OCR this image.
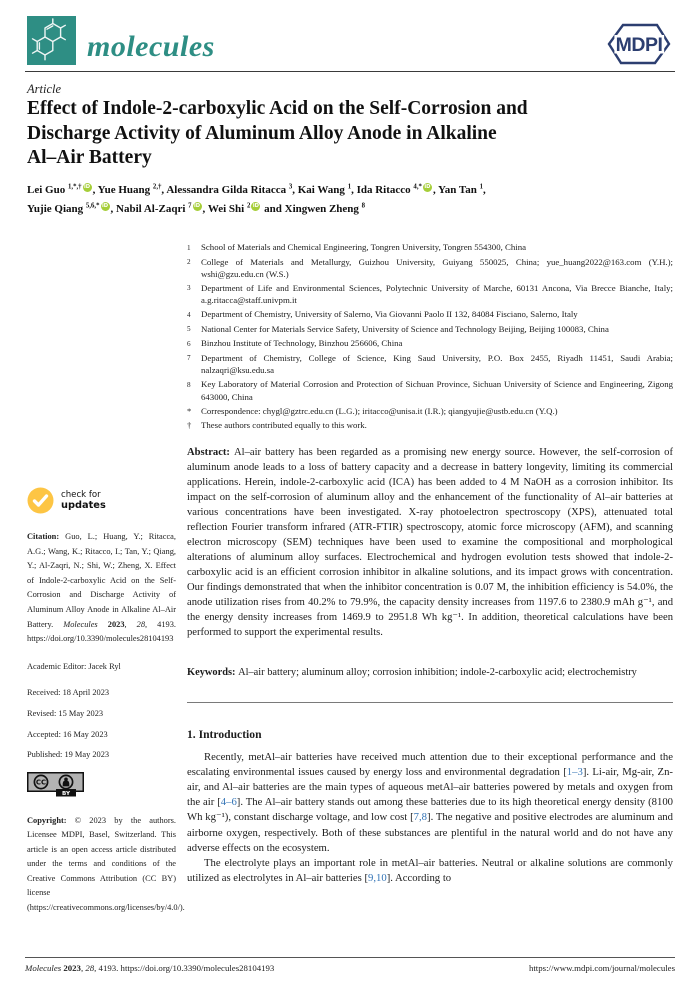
molecules	MDPI
Article
Effect of Indole-2-carboxylic Acid on the Self-Corrosion and
Discharge Activity of Aluminum Alloy Anode in Alkaline
Al–Air Battery
Lei Guo $^{1,*,\dagger}$ iD , Yue Huang $^{2,\dagger}$, Alessandra Gilda Ritacca $^3$, Kai Wang $^1$, Ida Ritacco $^{4,*}$ iD , Yan Tan $^1$,
Yujie Qiang $^{5,6,*}$ iD , Nabil Al-Zaqri $^7$ iD , Wei Shi $^2$ iD and Xingwen Zheng $^8$
1	School of Materials and Chemical Engineering, Tongren University, Tongren 554300, China
2	College of Materials and Metallurgy, Guizhou University, Guiyang 550025, China; yue_huang2022@163.com (Y.H.); wshi@gzu.edu.cn (W.S.)
3	Department of Life and Environmental Sciences, Polytechnic University of Marche, 60131 Ancona, Via Brecce Bianche, Italy; a.g.ritacca@staff.univpm.it
4	Department of Chemistry, University of Salerno, Via Giovanni Paolo II 132, 84084 Fisciano, Salerno, Italy
5	National Center for Materials Service Safety, University of Science and Technology Beijing, Beijing 100083, China
6	Binzhou Institute of Technology, Binzhou 256606, China
7	Department of Chemistry, College of Science, King Saud University, P.O. Box 2455, Riyadh 11451, Saudi Arabia; nalzaqri@ksu.edu.sa
8	Key Laboratory of Material Corrosion and Protection of Sichuan Province, Sichuan University of Science and Engineering, Zigong 643000, China
*	Correspondence: chygl@gztrc.edu.cn (L.G.); iritacco@unisa.it (I.R.); qiangyujie@ustb.edu.cn (Y.Q.)
†	These authors contributed equally to this work.

Abstract: Al–air battery has been regarded as a promising new energy source. However, the self-corrosion of aluminum anode leads to a loss of battery capacity and a decrease in battery longevity, limiting its commercial applications. Herein, indole-2-carboxylic acid (ICA) has been added to 4 M NaOH as a corrosion inhibitor. Its impact on the self-corrosion of aluminum alloy and the enhancement of the functionality of Al–air batteries at various concentrations have been investigated. X-ray photoelectron spectroscopy (XPS), attenuated total reflection Fourier transform infrared (ATR-FTIR) spectroscopy, atomic force microscopy (AFM), and scanning electron microscopy (SEM) techniques have been used to examine the compositional and morphological alterations of aluminum alloy surfaces. Electrochemical and hydrogen evolution tests showed that indole-2-carboxylic acid is an efficient corrosion inhibitor in alkaline solutions, and its impact grows with concentration. Our findings demonstrated that when the inhibitor concentration is 0.07 M, the inhibition efficiency is 54.0%, the anode utilization rises from 40.2% to 79.9%, the capacity density increases from 1197.6 to 2380.9 mAh g⁻¹, and the energy density increases from 1469.9 to 2951.8 Wh kg⁻¹. In addition, theoretical calculations have been performed to support the experimental results.

Keywords: Al–air battery; aluminum alloy; corrosion inhibition; indole-2-carboxylic acid; electrochemistry

1. Introduction

Recently, metAl–air batteries have received much attention due to their exceptional performance and the escalating environmental issues caused by energy loss and environmental degradation [1–3]. Li-air, Mg-air, Zn-air, and Al–air batteries are the main types of aqueous metAl–air batteries powered by metals and oxygen from the air [4–6]. The Al–air battery stands out among these batteries due to its high theoretical energy density (8100 Wh kg⁻¹), constant discharge voltage, and low cost [7,8]. The negative and positive electrodes are aluminum and airborne oxygen, respectively. Both of these substances are plentiful in the natural world and do not have any adverse effects on the ecosystem.

The electrolyte plays an important role in metAl–air batteries. Neutral or alkaline solutions are commonly utilized as electrolytes in Al–air batteries [9,10]. According to

check for
updates
Citation: Guo, L.; Huang, Y.; Ritacca, A.G.; Wang, K.; Ritacco, I.; Tan, Y.; Qiang, Y.; Al-Zaqri, N.; Shi, W.; Zheng, X. Effect of Indole-2-carboxylic Acid on the Self-Corrosion and Discharge Activity of Aluminum Alloy Anode in Alkaline Al–Air Battery. Molecules 2023, 28, 4193. https://doi.org/10.3390/molecules28104193
Academic Editor: Jacek Ryl
Received: 18 April 2023
Revised: 15 May 2023
Accepted: 16 May 2023
Published: 19 May 2023
CC
BY
Copyright: © 2023 by the authors. Licensee MDPI, Basel, Switzerland. This article is an open access article distributed under the terms and conditions of the Creative Commons Attribution (CC BY) license (https://creativecommons.org/licenses/by/4.0/).
Molecules 2023, 28, 4193. https://doi.org/10.3390/molecules28104193	https://www.mdpi.com/journal/molecules
